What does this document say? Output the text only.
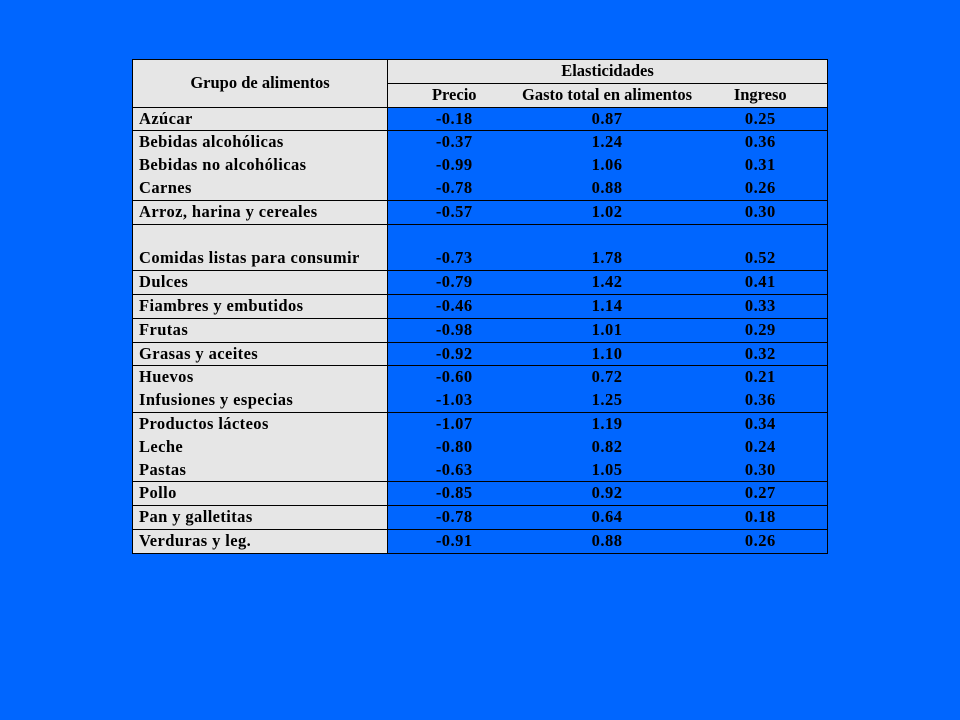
Grupo de alimentos	Elasticidades		
	Precio	Gasto total en alimentos	Ingreso

Azúcar	-0.18	0.87	0.25
Bebidas alcohólicas	-0.37	1.24	0.36
Bebidas no alcohólicas	-0.99	1.06	0.31
Carnes	-0.78	0.88	0.26
Arroz, harina y cereales	-0.57	1.02	0.30
Comidas listas para consumir	-0.73	1.78	0.52
Dulces	-0.79	1.42	0.41
Fiambres y embutidos	-0.46	1.14	0.33
Frutas	-0.98	1.01	0.29
Grasas y aceites	-0.92	1.10	0.32
Huevos	-0.60	0.72	0.21
Infusiones y especias	-1.03	1.25	0.36
Productos lácteos	-1.07	1.19	0.34
Leche	-0.80	0.82	0.24
Pastas	-0.63	1.05	0.30
Pollo	-0.85	0.92	0.27
Pan y galletitas	-0.78	0.64	0.18
Verduras y leg.	-0.91	0.88	0.26
